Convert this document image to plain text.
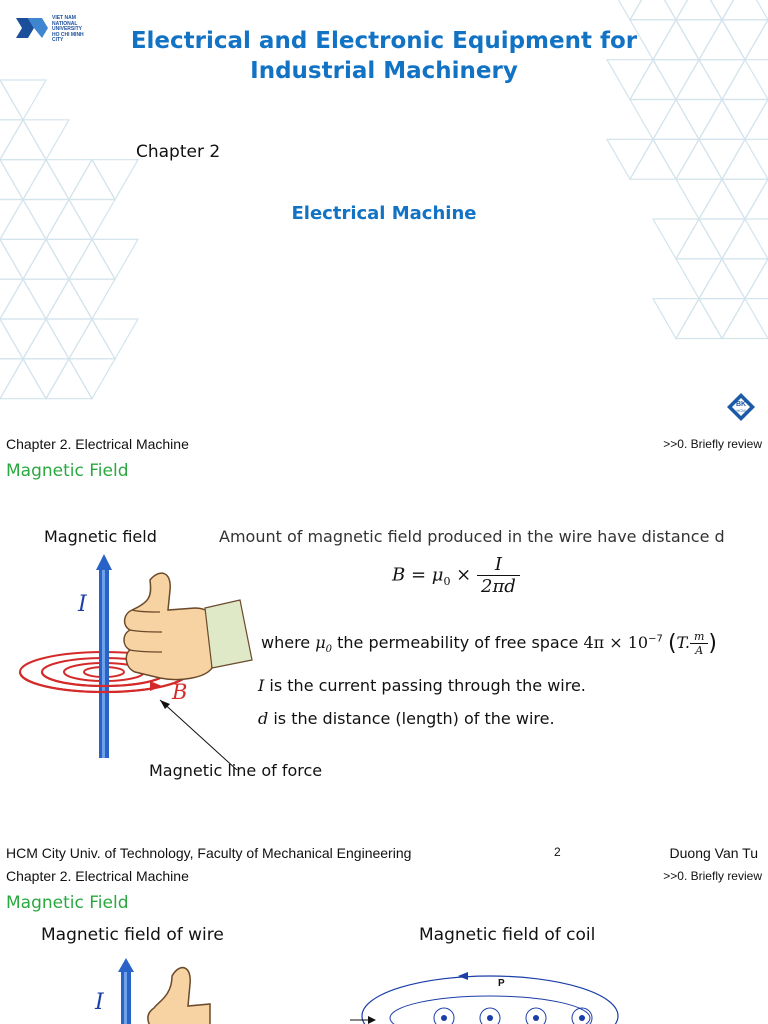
VIET NAM
NATIONAL
UNIVERSITY
HO CHI MINH CITY	Electrical and Electronic Equipment for
Industrial Machinery
Chapter 2
Electrical Machine
BK
HCM
Chapter 2. Electrical Machine	>>0. Briefly review
Magnetic Field
Magnetic field	Amount of magnetic field produced in the wire have distance d
$B = \mu_0 \times \frac{I}{2\pi d}$
where $\mu_0$ the permeability of free space $4\pi \times 10^{-7}$ (T. $\frac{m}{A}$ )
I is the current passing through the wire.
d is the distance (length) of the wire.
I
B
Magnetic line of force
HCM City Univ. of Technology, Faculty of Mechanical Engineering	2	Duong Van Tu
Chapter 2. Electrical Machine	>>0. Briefly review
Magnetic Field
Magnetic field of wire	Magnetic field of coil
I
P
